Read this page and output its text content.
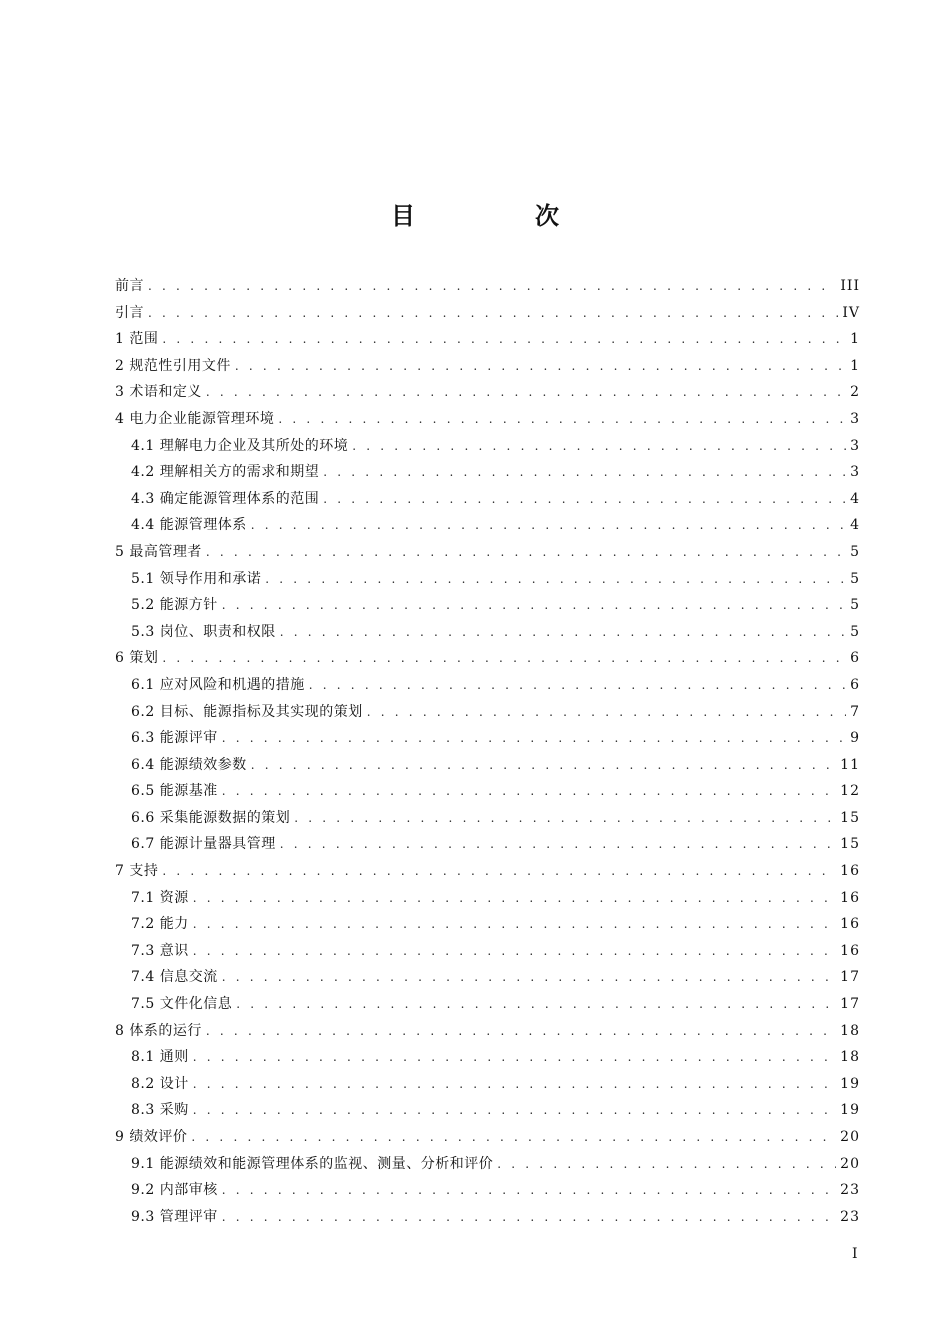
目　次
前言 . . .	III
引言 . . .	IV
1 范围 . . .	1
2 规范性引用文件 . . .	1
3 术语和定义 . . .	2
4 电力企业能源管理环境 . . .	3
4.1 理解电力企业及其所处的环境 . . .	3
4.2 理解相关方的需求和期望 . . .	3
4.3 确定能源管理体系的范围 . . .	4
4.4 能源管理体系 . . .	4
5 最高管理者 . . .	5
5.1 领导作用和承诺 . . .	5
5.2 能源方针 . . .	5
5.3 岗位、职责和权限 . . .	5
6 策划 . . .	6
6.1 应对风险和机遇的措施 . . .	6
6.2 目标、能源指标及其实现的策划 . . .	7
6.3 能源评审 . . .	9
6.4 能源绩效参数 . . .	11
6.5 能源基准 . . .	12
6.6 采集能源数据的策划 . . .	15
6.7 能源计量器具管理 . . .	15
7 支持 . . .	16
7.1 资源 . . .	16
7.2 能力 . . .	16
7.3 意识 . . .	16
7.4 信息交流 . . .	17
7.5 文件化信息 . . .	17
8 体系的运行 . . .	18
8.1 通则 . . .	18
8.2 设计 . . .	19
8.3 采购 . . .	19
9 绩效评价 . . .	20
9.1 能源绩效和能源管理体系的监视、测量、分析和评价 . . .	20
9.2 内部审核 . . .	23
9.3 管理评审 . . .	23
I
